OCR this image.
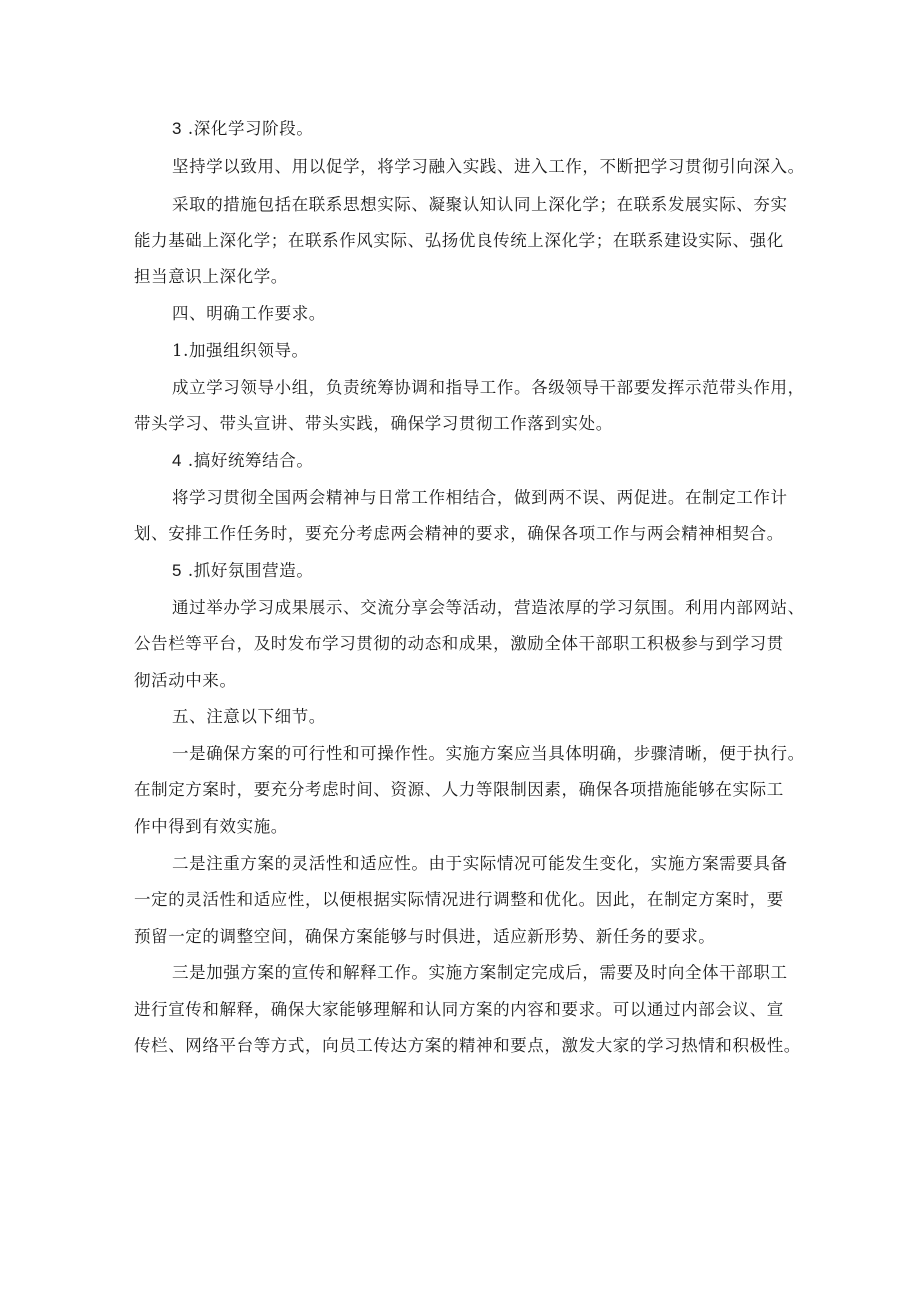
3 .深化学习阶段。
坚持学以致用、用以促学，将学习融入实践、进入工作，不断把学习贯彻引向深入。
采取的措施包括在联系思想实际、凝聚认知认同上深化学；在联系发展实际、夯实
能力基础上深化学；在联系作风实际、弘扬优良传统上深化学；在联系建设实际、强化
担当意识上深化学。
四、明确工作要求。
1.加强组织领导。
成立学习领导小组，负责统筹协调和指导工作。各级领导干部要发挥示范带头作用，
带头学习、带头宣讲、带头实践，确保学习贯彻工作落到实处。
4 .搞好统筹结合。
将学习贯彻全国两会精神与日常工作相结合，做到两不误、两促进。在制定工作计
划、安排工作任务时，要充分考虑两会精神的要求，确保各项工作与两会精神相契合。
5 .抓好氛围营造。
通过举办学习成果展示、交流分享会等活动，营造浓厚的学习氛围。利用内部网站、
公告栏等平台，及时发布学习贯彻的动态和成果，激励全体干部职工积极参与到学习贯
彻活动中来。
五、注意以下细节。
一是确保方案的可行性和可操作性。实施方案应当具体明确，步骤清晰，便于执行。
在制定方案时，要充分考虑时间、资源、人力等限制因素，确保各项措施能够在实际工
作中得到有效实施。
二是注重方案的灵活性和适应性。由于实际情况可能发生变化，实施方案需要具备
一定的灵活性和适应性，以便根据实际情况进行调整和优化。因此，在制定方案时，要
预留一定的调整空间，确保方案能够与时俱进，适应新形势、新任务的要求。
三是加强方案的宣传和解释工作。实施方案制定完成后，需要及时向全体干部职工
进行宣传和解释，确保大家能够理解和认同方案的内容和要求。可以通过内部会议、宣
传栏、网络平台等方式，向员工传达方案的精神和要点，激发大家的学习热情和积极性。
